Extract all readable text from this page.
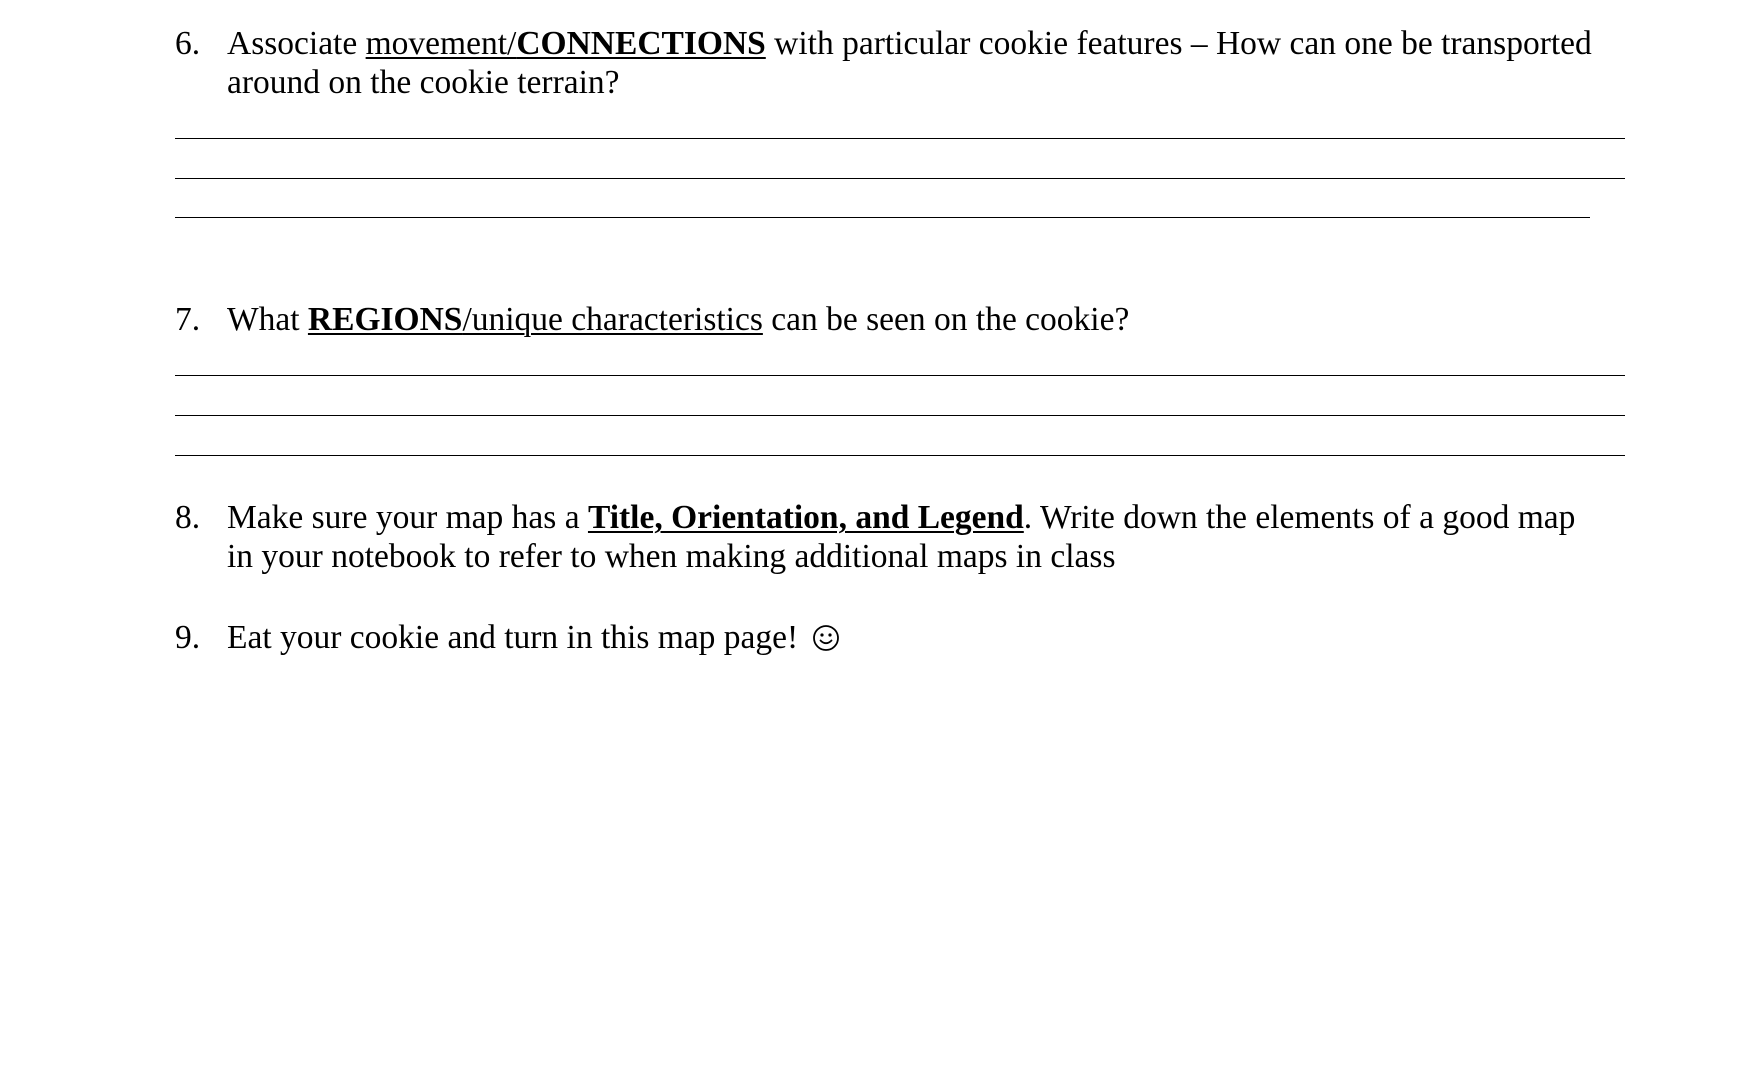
6. Associate movement/CONNECTIONS with particular cookie features – How can one be transported
around on the cookie terrain?
7. What REGIONS/unique characteristics can be seen on the cookie?
8. Make sure your map has a Title, Orientation, and Legend. Write down the elements of a good map
in your notebook to refer to when making additional maps in class
9. Eat your cookie and turn in this map page!
